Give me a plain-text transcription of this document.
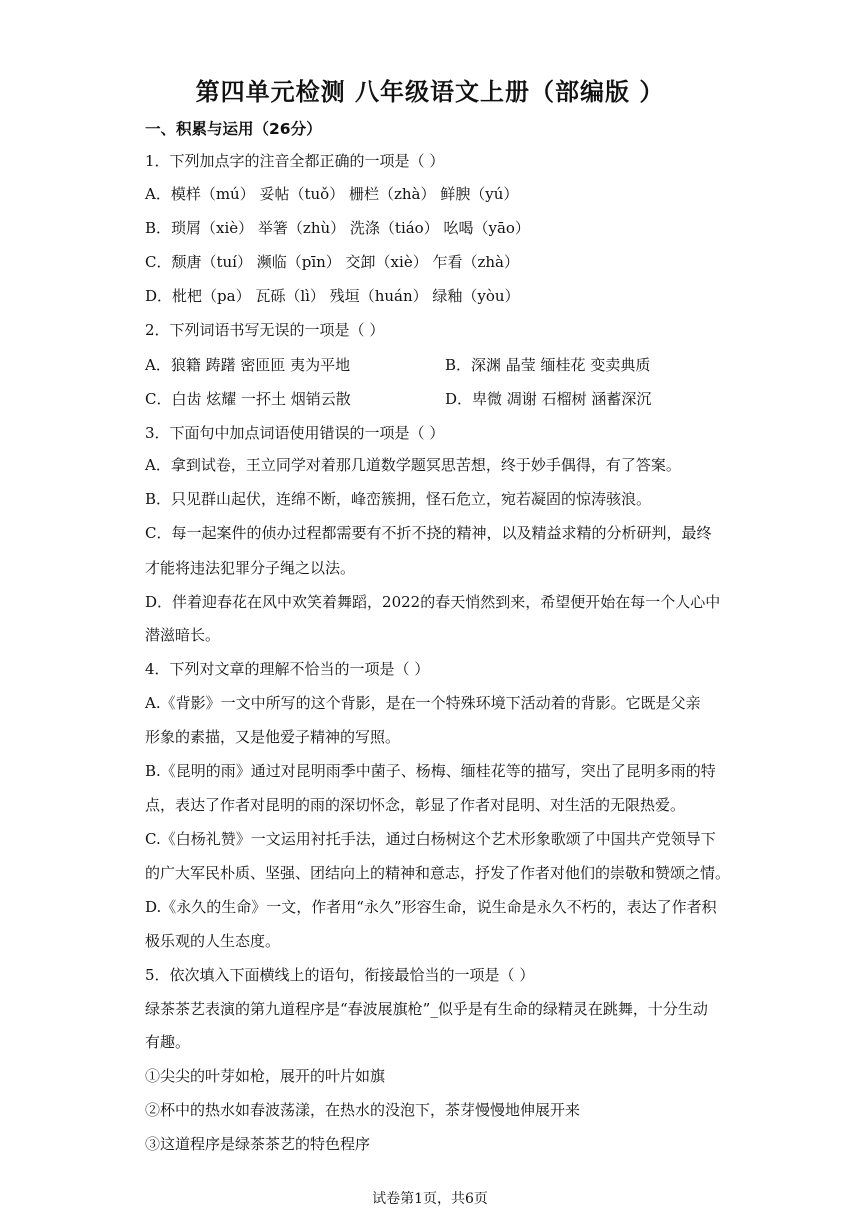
第四单元检测 八年级语文上册（部编版 ）
一、积累与运用（26分）
1．下列加点字的注音全都正确的一项是（ ）
A．模样（mú） 妥帖（tuǒ） 栅栏（zhà） 鲜腴（yú）
B．琐屑（xiè） 举箸（zhù） 洗涤（tiáo） 吆喝（yāo）
C．颓唐（tuí） 濒临（pīn） 交卸（xiè） 乍看（zhà）
D．枇杷（pa） 瓦砾（lì） 残垣（huán） 绿釉（yòu）
2．下列词语书写无误的一项是（ ）
A．狼籍 踌躇 密匝匝 夷为平地	B．深渊 晶莹 缅桂花 变卖典质
C．白齿 炫耀 一抔土 烟销云散	D．卑微 凋谢 石榴树 涵蓄深沉
3．下面句中加点词语使用错误的一项是（ ）
A．拿到试卷，王立同学对着那几道数学题冥思苦想，终于妙手偶得，有了答案。
B．只见群山起伏，连绵不断，峰峦簇拥，怪石危立，宛若凝固的惊涛骇浪。
C．每一起案件的侦办过程都需要有不折不挠的精神，以及精益求精的分析研判，最终
才能将违法犯罪分子绳之以法。
D．伴着迎春花在风中欢笑着舞蹈，2022的春天悄然到来，希望便开始在每一个人心中
潜滋暗长。
4．下列对文章的理解不恰当的一项是（ ）
A.《背影》一文中所写的这个背影，是在一个特殊环境下活动着的背影。它既是父亲
形象的素描，又是他爱子精神的写照。
B.《昆明的雨》通过对昆明雨季中菌子、杨梅、缅桂花等的描写，突出了昆明多雨的特
点，表达了作者对昆明的雨的深切怀念，彰显了作者对昆明、对生活的无限热爱。
C.《白杨礼赞》一文运用衬托手法，通过白杨树这个艺术形象歌颂了中国共产党领导下
的广大军民朴质、坚强、团结向上的精神和意志，抒发了作者对他们的崇敬和赞颂之情。
D.《永久的生命》一文，作者用“永久”形容生命，说生命是永久不朽的，表达了作者积
极乐观的人生态度。
5．依次填入下面横线上的语句，衔接最恰当的一项是（ ）
绿茶茶艺表演的第九道程序是“春波展旗枪”_似乎是有生命的绿精灵在跳舞，十分生动
有趣。
①尖尖的叶芽如枪，展开的叶片如旗
②杯中的热水如春波荡漾，在热水的没泡下，茶芽慢慢地伸展开来
③这道程序是绿茶茶艺的特色程序
试卷第1页，共6页
